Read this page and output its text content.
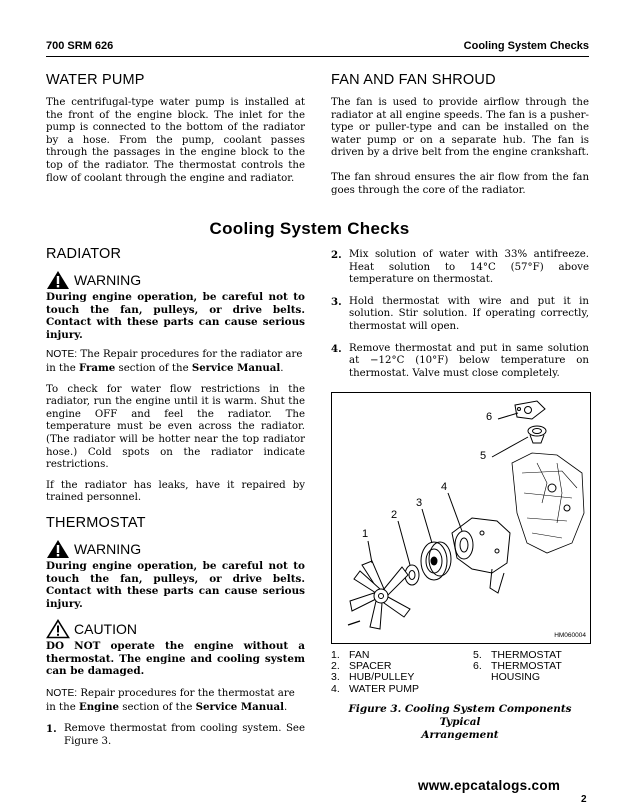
700 SRM 626	Cooling System Checks
WATER PUMP
The centrifugal-type water pump is installed at the front of the engine block. The inlet for the pump is connected to the bottom of the radiator by a hose. From the pump, coolant passes through the passages in the engine block to the top of the radiator. The thermostat controls the flow of coolant through the engine and radiator.
FAN AND FAN SHROUD
The fan is used to provide airflow through the radiator at all engine speeds. The fan is a pusher-type or puller-type and can be installed on the water pump or on a separate hub. The fan is driven by a drive belt from the engine crankshaft.
The fan shroud ensures the air flow from the fan goes through the core of the radiator.
Cooling System Checks
RADIATOR
WARNING
During engine operation, be careful not to touch the fan, pulleys, or drive belts. Contact with these parts can cause serious injury.
NOTE: The Repair procedures for the radiator are in the Frame section of the Service Manual.
To check for water flow restrictions in the radiator, run the engine until it is warm. Shut the engine OFF and feel the radiator. The temperature must be even across the radiator. (The radiator will be hotter near the top radiator hose.) Cold spots on the radiator indicate restrictions.
If the radiator has leaks, have it repaired by trained personnel.
THERMOSTAT
WARNING
During engine operation, be careful not to touch the fan, pulleys, or drive belts. Contact with these parts can cause serious injury.
CAUTION
DO NOT operate the engine without a thermostat. The engine and cooling system can be damaged.
NOTE: Repair procedures for the thermostat are in the Engine section of the Service Manual.
1. Remove thermostat from cooling system. See Figure 3.
2. Mix solution of water with 33% antifreeze. Heat solution to 14°C (57°F) above temperature on thermostat.
3. Hold thermostat with wire and put it in solution. Stir solution. If operating correctly, thermostat will open.
4. Remove thermostat and put in same solution at −12°C (10°F) below temperature on thermostat. Valve must close completely.
1
2
3
4
5
6
HM060004
1. FAN
2. SPACER
3. HUB/PULLEY
4. WATER PUMP
5. THERMOSTAT
6. THERMOSTAT
HOUSING
Figure 3. Cooling System Components Typical
Arrangement
www.epcatalogs.com
2
